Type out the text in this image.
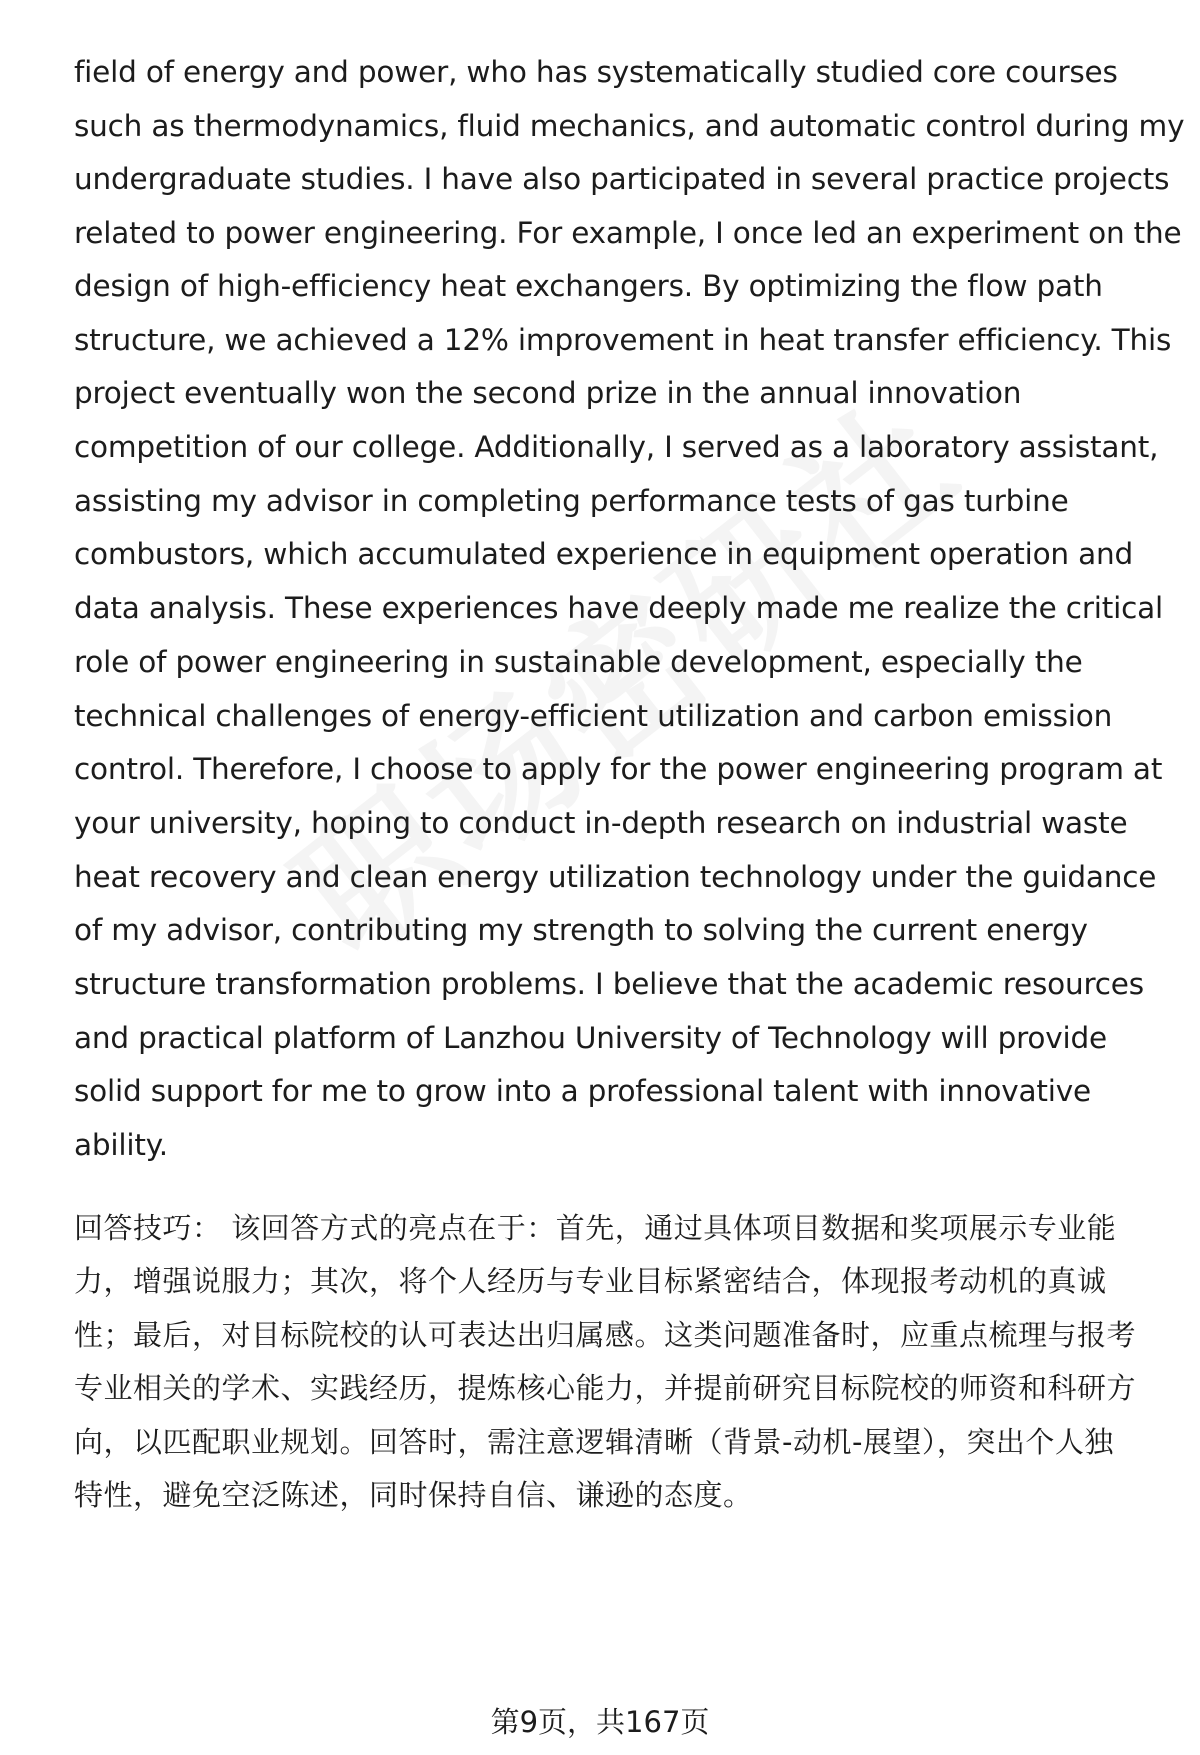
field of energy and power, who has systematically studied core courses
such as thermodynamics, fluid mechanics, and automatic control during my
undergraduate studies. I have also participated in several practice projects
related to power engineering. For example, I once led an experiment on the
design of high-efficiency heat exchangers. By optimizing the flow path
structure, we achieved a 12% improvement in heat transfer efficiency. This
project eventually won the second prize in the annual innovation
competition of our college. Additionally, I served as a laboratory assistant,
assisting my advisor in completing performance tests of gas turbine
combustors, which accumulated experience in equipment operation and
data analysis. These experiences have deeply made me realize the critical
role of power engineering in sustainable development, especially the
technical challenges of energy-efficient utilization and carbon emission
control. Therefore, I choose to apply for the power engineering program at
your university, hoping to conduct in-depth research on industrial waste
heat recovery and clean energy utilization technology under the guidance
of my advisor, contributing my strength to solving the current energy
structure transformation problems. I believe that the academic resources
and practical platform of Lanzhou University of Technology will provide
solid support for me to grow into a professional talent with innovative
ability.
回答技巧： 该回答方式的亮点在于：首先，通过具体项目数据和奖项展示专业能
力，增强说服力；其次，将个人经历与专业目标紧密结合，体现报考动机的真诚
性；最后，对目标院校的认可表达出归属感。这类问题准备时，应重点梳理与报考
专业相关的学术、实践经历，提炼核心能力，并提前研究目标院校的师资和科研方
向，以匹配职业规划。回答时，需注意逻辑清晰（背景-动机-展望），突出个人独
特性，避免空泛陈述，同时保持自信、谦逊的态度。
第9页，共167页
